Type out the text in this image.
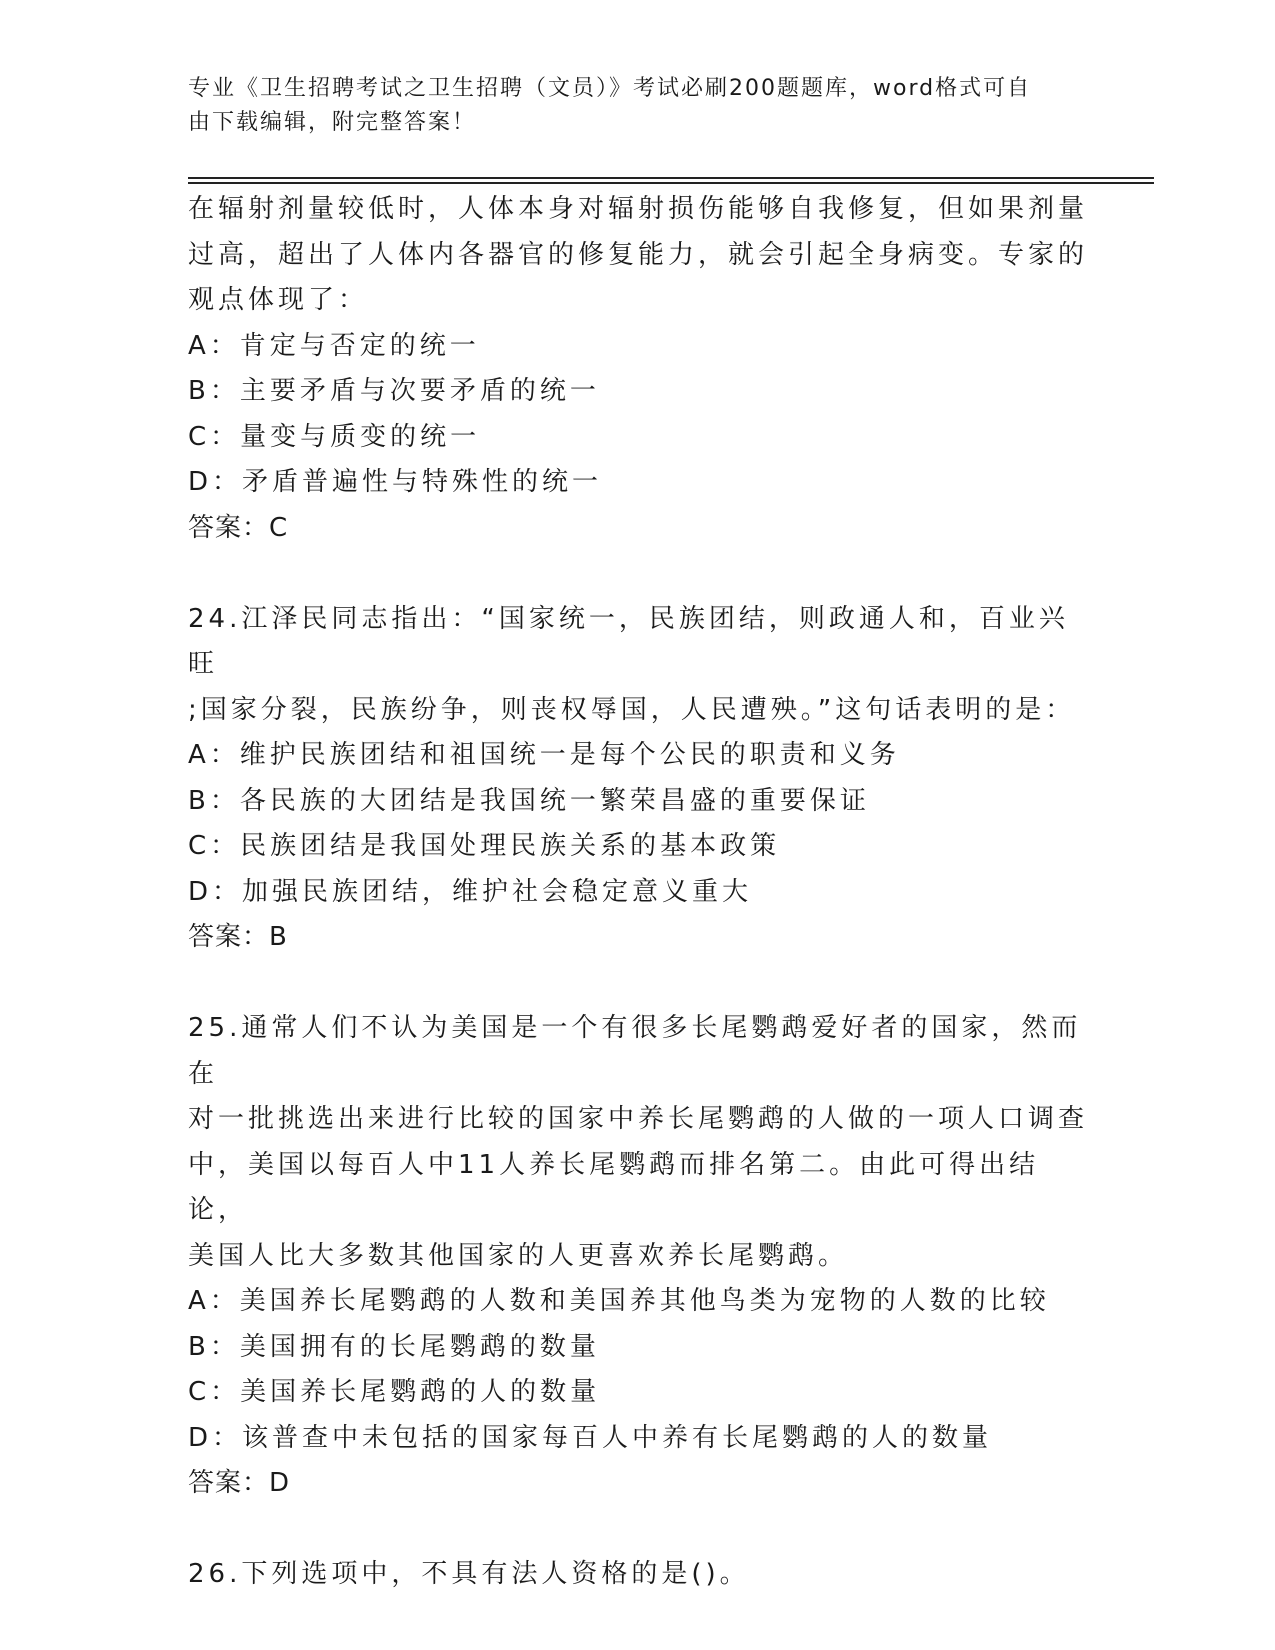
专业《卫生招聘考试之卫生招聘（文员）》考试必刷200题题库，word格式可自
由下载编辑，附完整答案！

在辐射剂量较低时，人体本身对辐射损伤能够自我修复，但如果剂量

过高，超出了人体内各器官的修复能力，就会引起全身病变。专家的

观点体现了：

A：肯定与否定的统一

B：主要矛盾与次要矛盾的统一

C：量变与质变的统一

D：矛盾普遍性与特殊性的统一

答案：C

24.江泽民同志指出：“国家统一，民族团结，则政通人和，百业兴旺

;国家分裂，民族纷争，则丧权辱国，人民遭殃。”这句话表明的是：

A：维护民族团结和祖国统一是每个公民的职责和义务

B：各民族的大团结是我国统一繁荣昌盛的重要保证

C：民族团结是我国处理民族关系的基本政策

D：加强民族团结，维护社会稳定意义重大

答案：B

25.通常人们不认为美国是一个有很多长尾鹦鹉爱好者的国家，然而在

对一批挑选出来进行比较的国家中养长尾鹦鹉的人做的一项人口调查

中，美国以每百人中11人养长尾鹦鹉而排名第二。由此可得出结论，

美国人比大多数其他国家的人更喜欢养长尾鹦鹉。

A：美国养长尾鹦鹉的人数和美国养其他鸟类为宠物的人数的比较

B：美国拥有的长尾鹦鹉的数量

C：美国养长尾鹦鹉的人的数量

D：该普查中未包括的国家每百人中养有长尾鹦鹉的人的数量

答案：D

26.下列选项中，不具有法人资格的是()。
